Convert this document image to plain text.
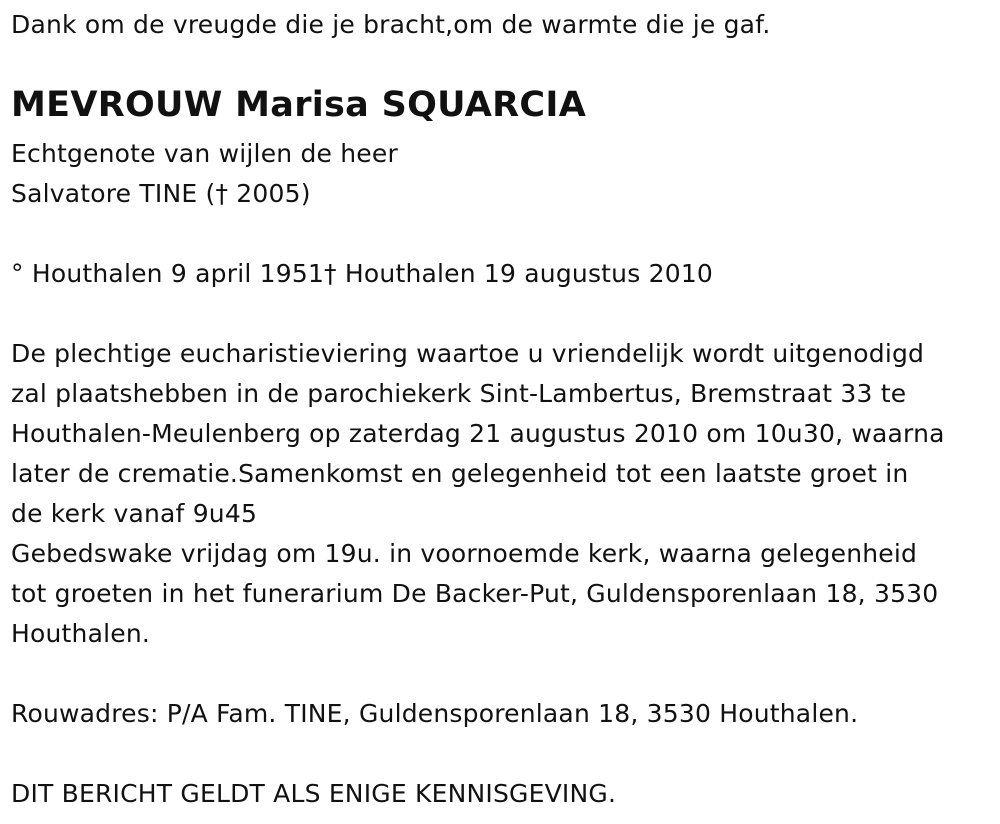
Dank om de vreugde die je bracht,om de warmte die je gaf.
MEVROUW Marisa SQUARCIA
Echtgenote van wijlen de heer
Salvatore TINE († 2005)
° Houthalen 9 april 1951† Houthalen 19 augustus 2010
De plechtige eucharistieviering waartoe u vriendelijk wordt uitgenodigd
zal plaatshebben in de parochiekerk Sint-Lambertus, Bremstraat 33 te
Houthalen-Meulenberg op zaterdag 21 augustus 2010 om 10u30, waarna
later de crematie.Samenkomst en gelegenheid tot een laatste groet in
de kerk vanaf 9u45
Gebedswake vrijdag om 19u. in voornoemde kerk, waarna gelegenheid
tot groeten in het funerarium De Backer-Put, Guldensporenlaan 18, 3530
Houthalen.
Rouwadres: P/A Fam. TINE, Guldensporenlaan 18, 3530 Houthalen.
DIT BERICHT GELDT ALS ENIGE KENNISGEVING.
